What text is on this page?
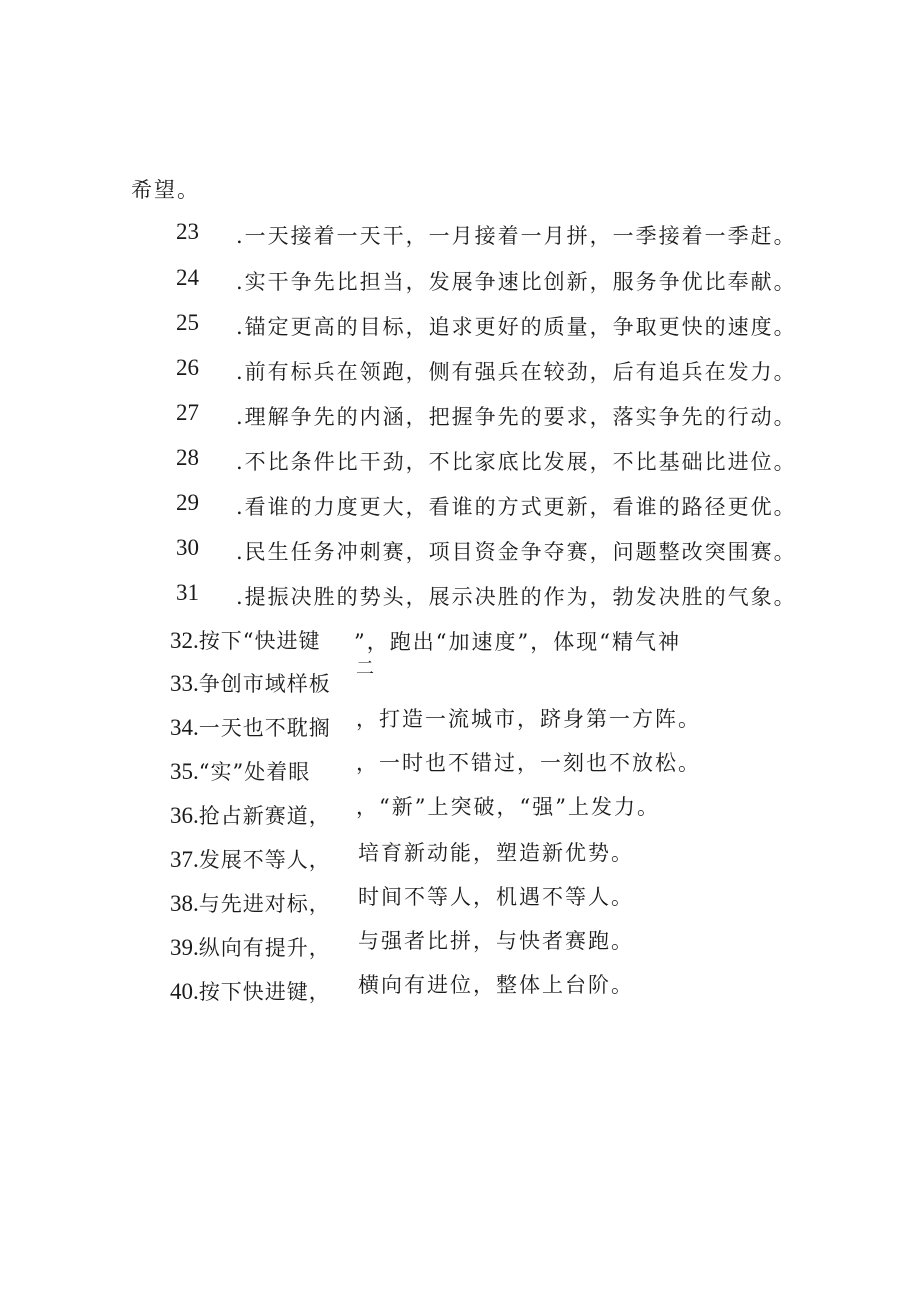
希望。
23 .一天接着一天干，一月接着一月拼，一季接着一季赶。
24 .实干争先比担当，发展争速比创新，服务争优比奉献。
25 .锚定更高的目标，追求更好的质量，争取更快的速度。
26 .前有标兵在领跑，侧有强兵在较劲，后有追兵在发力。
27 .理解争先的内涵，把握争先的要求，落实争先的行动。
28 .不比条件比干劲，不比家底比发展，不比基础比进位。
29 .看谁的力度更大，看谁的方式更新，看谁的路径更优。
30 .民生任务冲刺赛，项目资金争夺赛，问题整改突围赛。
31 .提振决胜的势头，展示决胜的作为，勃发决胜的气象。
32.按下“快进键
33.争创市域样板
34.一天也不耽搁
35.“实”处着眼
36.抢占新赛道，
37.发展不等人，
38.与先进对标，
39.纵向有提升，
40.按下快进键，
”，跑出“加速度”，体现“精气神
二
，打造一流城市，跻身第一方阵。
，一时也不错过，一刻也不放松。
，“新”上突破，“强”上发力。
培育新动能，塑造新优势。
时间不等人，机遇不等人。
与强者比拼，与快者赛跑。
横向有进位，整体上台阶。
